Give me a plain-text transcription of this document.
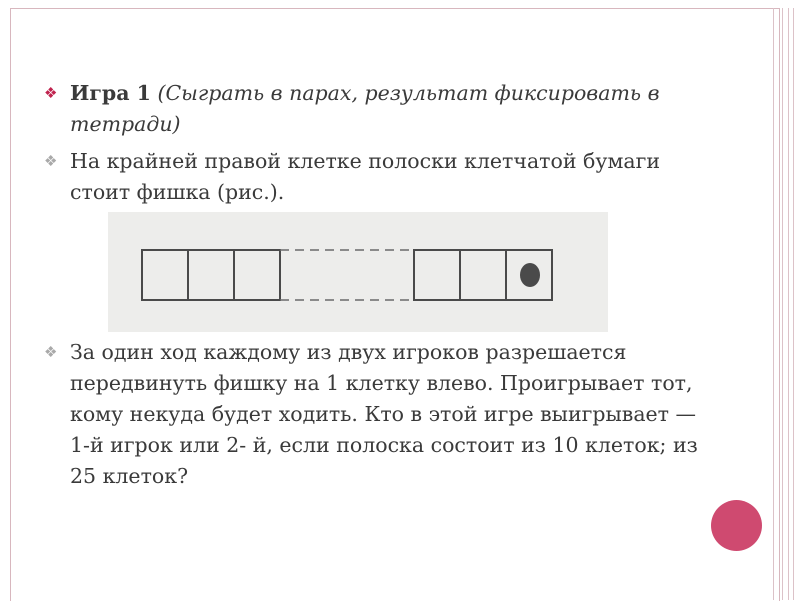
❖ Игра 1 (Сыграть в парах, результат фиксировать в тетради)
❖ На крайней правой клетке полоски клетчатой бумаги стоит фишка (рис.).
❖ За один ход каждому из двух игроков разрешается передвинуть фишку на 1 клетку влево. Проигрывает тот, кому некуда будет ходить. Кто в этой игре выигрывает — 1-й игрок или 2- й, если полоска состоит из 10 клеток; из 25 клеток?
